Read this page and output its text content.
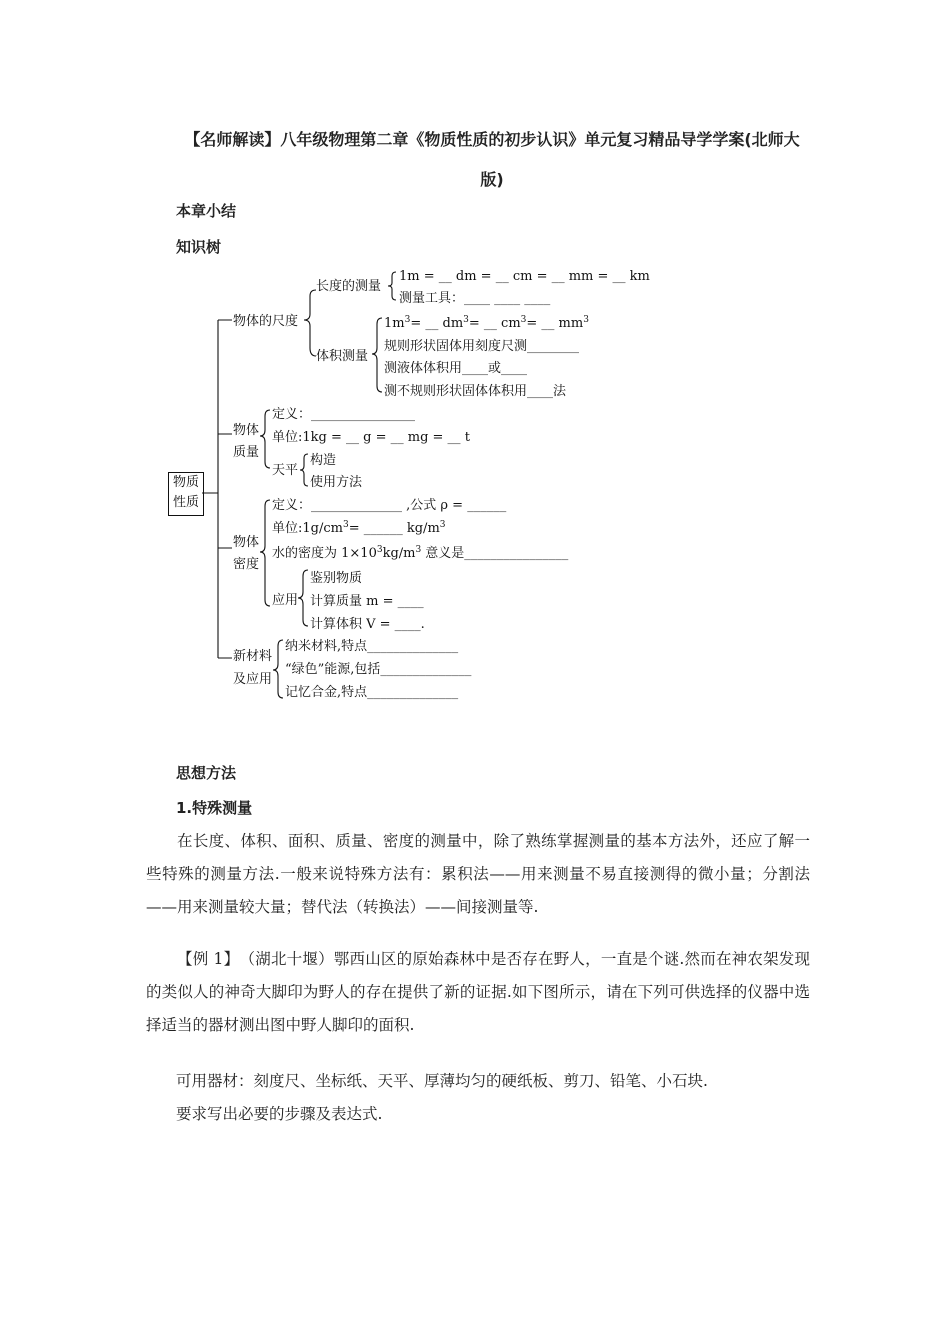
【名师解读】八年级物理第二章《物质性质的初步认识》单元复习精品导学学案(北师大
版)
本章小结
知识树
物质
性质
物体的尺度
长度的测量
1m = __ dm = __ cm = __ mm = __ km
测量工具：____ ____ ____
体积测量
$1m^3=$ __ $dm^3=$ __ $cm^3=$ __ $mm^3$
规则形状固体用刻度尺测________
测液体体积用____或____
测不规则形状固体体积用____法
物体
质量
定义：________________
单位:1kg = __ g = __ mg = __ t
天平
构造
使用方法
物体
密度
定义：______________ ,公式 ρ = ______
单位$:1g/cm^3=$ ______ $kg/m^3$
水的密度为 $1\times 10^3kg/m^3$ 意义是________________
应用
鉴别物质
计算质量 m = ____
计算体积 V = ____.
新材料
及应用
纳米材料,特点______________
“绿色”能源,包括______________
记忆合金,特点______________
思想方法
1.特殊测量
在长度、体积、面积、质量、密度的测量中，除了熟练掌握测量的基本方法外，还应了解一些特殊的测量方法.一般来说特殊方法有：累积法——用来测量不易直接测得的微小量；分割法——用来测量较大量；替代法（转换法）——间接测量等.
【例 1】　（湖北十堰）鄂西山区的原始森林中是否存在野人，一直是个谜.然而在神农架发现的类似人的神奇大脚印为野人的存在提供了新的证据.如下图所示，请在下列可供选择的仪器中选择适当的器材测出图中野人脚印的面积.
可用器材：刻度尺、坐标纸、天平、厚薄均匀的硬纸板、剪刀、铅笔、小石块.
要求写出必要的步骤及表达式.
